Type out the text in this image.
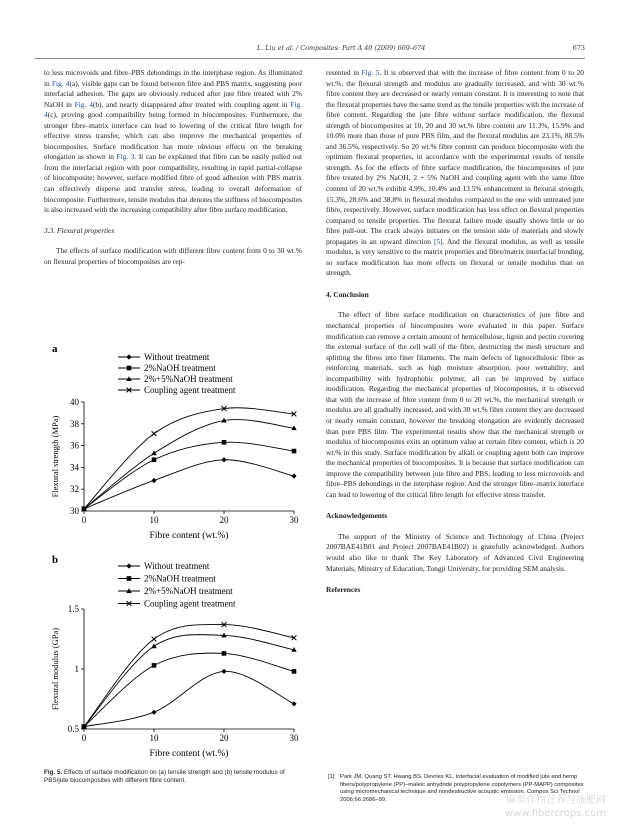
L. Liu et al. / Composites: Part A 40 (2009) 669–674	673

to less microvoids and fibre–PBS debondings in the interphase region. As illuminated in Fig. 4(a), visible gaps can be found between fibre and PBS matrix, suggesting poor interfacial adhesion. The gaps are obviously reduced after jute fibre treated with 2% NaOH in Fig. 4(b), and nearly disappeared after treated with coupling agent in Fig. 4(c), proving good compatibility being formed in biocomposites. Furthermore, the stronger fibre–matrix interface can lead to lowering of the critical fibre length for effective stress transfer, which can also improve the mechanical properties of biocomposites. Surface modification has more obvious effects on the breaking elongation as shown in Fig. 3. It can be explained that fibre can be easily pulled out from the interfacial region with poor compatibility, resulting in rapid partial-collapse of biocomposite; however, surface modified fibre of good adhesion with PBS matrix can effectively disperse and transfer stress, leading to overall deformation of biocomposite. Furthermore, tensile modulus that denotes the stiffness of biocomposites is also increased with the increasing compatibility after fibre surface modification.

3.3. Flexural properties

The effects of surface modification with different fibre content from 0 to 30 wt.% on flexural properties of biocomposites are rep-

a
0	10	20	30
30
32
34
36
38
40
Fibre content (wt.%)
Flexural strength (MPa)
Without treatment
2%NaOH treatment
2%+5%NaOH treatment
Coupling agent treatment
b
0	10	20	30
0.5
1
1.5
Fibre content (wt.%)
Flexural modulus (GPa)
Without treatment
2%NaOH treatment
2%+5%NaOH treatment
Coupling agent treatment
Fig. 5. Effects of surface modification on (a) tensile strength and (b) tensile modulus of PBS/jute biocomposites with different fibre content.

resented in Fig. 5. It is observed that with the increase of fibre content from 0 to 20 wt.%, the flexural strength and modulus are gradually increased, and with 30 wt.% fibre content they are decreased or nearly remain constant. It is interesting to note that the flexural properties have the same trend as the tensile properties with the increase of fibre content. Regarding the jute fibre without surface modification, the flexural strength of biocomposites at 10, 20 and 30 wt.% fibre content are 11.3%, 15.9% and 10.0% more than those of pure PBS film, and the flexural modulus are 23.1%, 88.5% and 36.5%, respectively. So 20 wt.% fibre content can produce biocomposite with the optimum flexural properties, in accordance with the experimental results of tensile strength. As for the effects of fibre surface modification, the biocomposites of jute fibre treated by 2% NaOH, 2 + 5% NaOH and coupling agent with the same fibre content of 20 wt.% exhibit 4.9%, 10.4% and 13.5% enhancement in flexural strength, 15.3%, 28.6% and 38.8% in flexural modulus compared to the one with untreated jute fibre, respectively. However, surface modification has less effect on flexural properties compared to tensile properties. The flexural failure mode usually shows little or no fibre pull-out. The crack always initiates on the tension side of materials and slowly propagates in an upward direction [5]. And the flexural modulus, as well as tensile modulus, is very sensitive to the matrix properties and fibre/matrix interfacial bonding, so surface modification has more effects on flexural or tensile modulus than on strength.

4. Conclusion

The effect of fibre surface modification on characteristics of jute fibre and mechanical properties of biocomposites were evaluated in this paper. Surface modification can remove a certain amount of hemicellulose, lignin and pectin covering the external surface of the cell wall of the fibre, destructing the mesh structure and splitting the fibres into finer filaments. The main defects of lignocellulosic fibre as reinforcing materials, such as high moisture absorption, poor wettability, and incompatibility with hydrophobic polymer, all can be improved by surface modification. Regarding the mechanical properties of biocomposites, it is observed that with the increase of fibre content from 0 to 20 wt.%, the mechanical strength or modulus are all gradually increased, and with 30 wt.% fibre content they are decreased or nearly remain constant, however the breaking elongation are evidently decreased than pure PBS film. The experimental results show that the mechanical strength or modulus of biocomposites exits an optimum value at certain fibre content, which is 20 wt.% in this study. Surface modification by alkali or coupling agent both can improve the mechanical properties of biocomposites. It is because that surface modification can improve the compatibility between jute fibre and PBS, leading to less microvoids and fibre–PBS debondings in the interphase region. And the stronger fibre–matrix interface can lead to lowering of the critical fibre length for effective stress transfer.

Acknowledgements

The support of the Ministry of Science and Technology of China (Project 2007BAE41B01 and Project 2007BAE41B02) is gratefully acknowledged. Authors would also like to thank The Key Laboratory of Advanced Civil Engineering Materials, Ministry of Education, Tongji University, for providing SEM analysis.

References

[1] Park JM, Quang ST, Hwang BS, Devries KL. Interfacial evaluation of modified jute and hemp fibers/polypropylene (PP)–maleic anhydride polypropylene copolymers (PP-MAPP) composites using micromechanical technique and nondestructive acoustic emission. Compos Sci Technol 2006;66:2686–99.	麻类作物营养与施肥网
www.fibercrops.com
